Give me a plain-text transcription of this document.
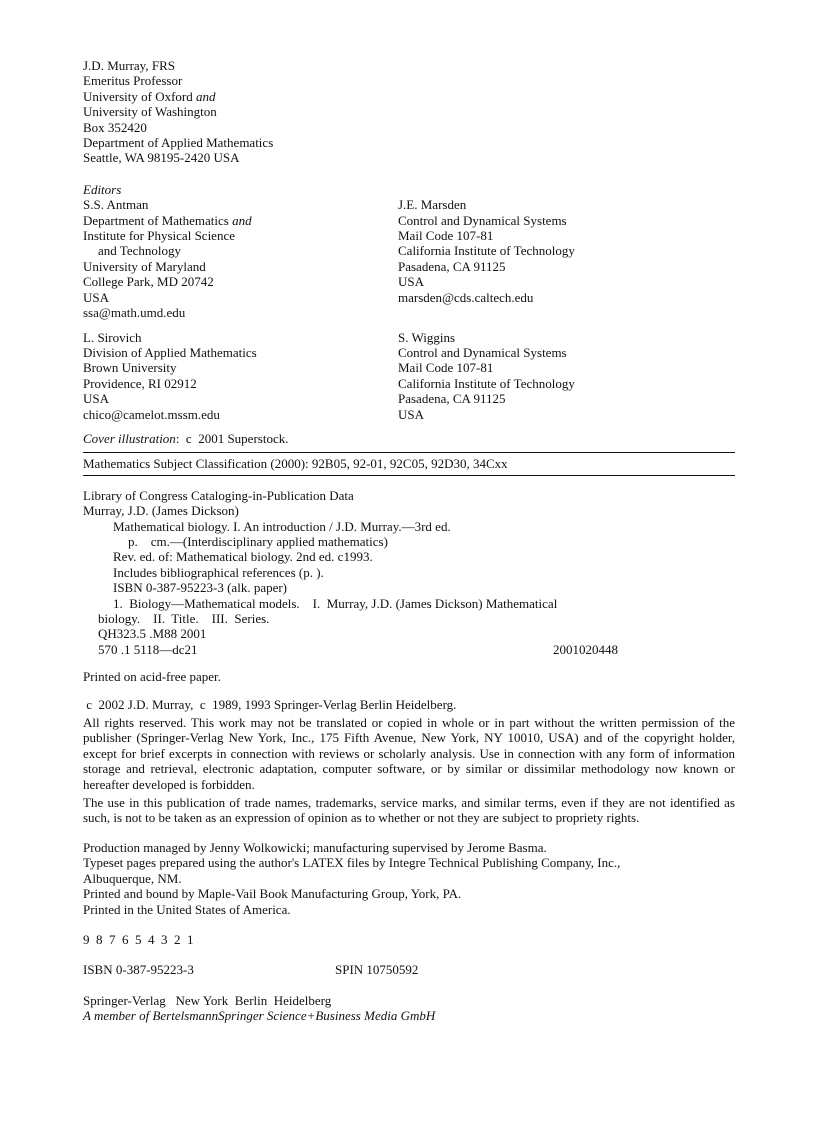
J.D. Murray, FRS
Emeritus Professor
University of Oxford and
University of Washington
Box 352420
Department of Applied Mathematics
Seattle, WA 98195-2420 USA
Editors
S.S. Antman
Department of Mathematics and
Institute for Physical Science
and Technology
University of Maryland
College Park, MD 20742
USA
ssa@math.umd.edu
J.E. Marsden
Control and Dynamical Systems
Mail Code 107-81
California Institute of Technology
Pasadena, CA 91125
USA
marsden@cds.caltech.edu
L. Sirovich
Division of Applied Mathematics
Brown University
Providence, RI 02912
USA
chico@camelot.mssm.edu
S. Wiggins
Control and Dynamical Systems
Mail Code 107-81
California Institute of Technology
Pasadena, CA 91125
USA
Cover illustration:  c  2001 Superstock.
Mathematics Subject Classification (2000): 92B05, 92-01, 92C05, 92D30, 34Cxx
Library of Congress Cataloging-in-Publication Data
Murray, J.D. (James Dickson)
Mathematical biology. I. An introduction / J.D. Murray.—3rd ed.
p.    cm.—(Interdisciplinary applied mathematics)
Rev. ed. of: Mathematical biology. 2nd ed. c1993.
Includes bibliographical references (p. ).
ISBN 0-387-95223-3 (alk. paper)
1.  Biology—Mathematical models.    I.  Murray, J.D. (James Dickson) Mathematical
biology.    II.  Title.    III.  Series.
QH323.5 .M88 2001
570 .1 5118—dc21	2001020448
Printed on acid-free paper.
c  2002 J.D. Murray,  c  1989, 1993 Springer-Verlag Berlin Heidelberg.
All rights reserved. This work may not be translated or copied in whole or in part without the written permission of the publisher (Springer-Verlag New York, Inc., 175 Fifth Avenue, New York, NY 10010, USA) and of the copyright holder, except for brief excerpts in connection with reviews or scholarly analysis. Use in connection with any form of information storage and retrieval, electronic adaptation, computer software, or by similar or dissimilar methodology now known or hereafter developed is forbidden.
The use in this publication of trade names, trademarks, service marks, and similar terms, even if they are not identified as such, is not to be taken as an expression of opinion as to whether or not they are subject to propriety rights.
Production managed by Jenny Wolkowicki; manufacturing supervised by Jerome Basma.
Typeset pages prepared using the author's LATEX files by Integre Technical Publishing Company, Inc.,
Albuquerque, NM.
Printed and bound by Maple-Vail Book Manufacturing Group, York, PA.
Printed in the United States of America.
9  8  7  6  5  4  3  2  1
ISBN 0-387-95223-3	SPIN 10750592
Springer-Verlag   New York  Berlin  Heidelberg
A member of BertelsmannSpringer Science+Business Media GmbH
